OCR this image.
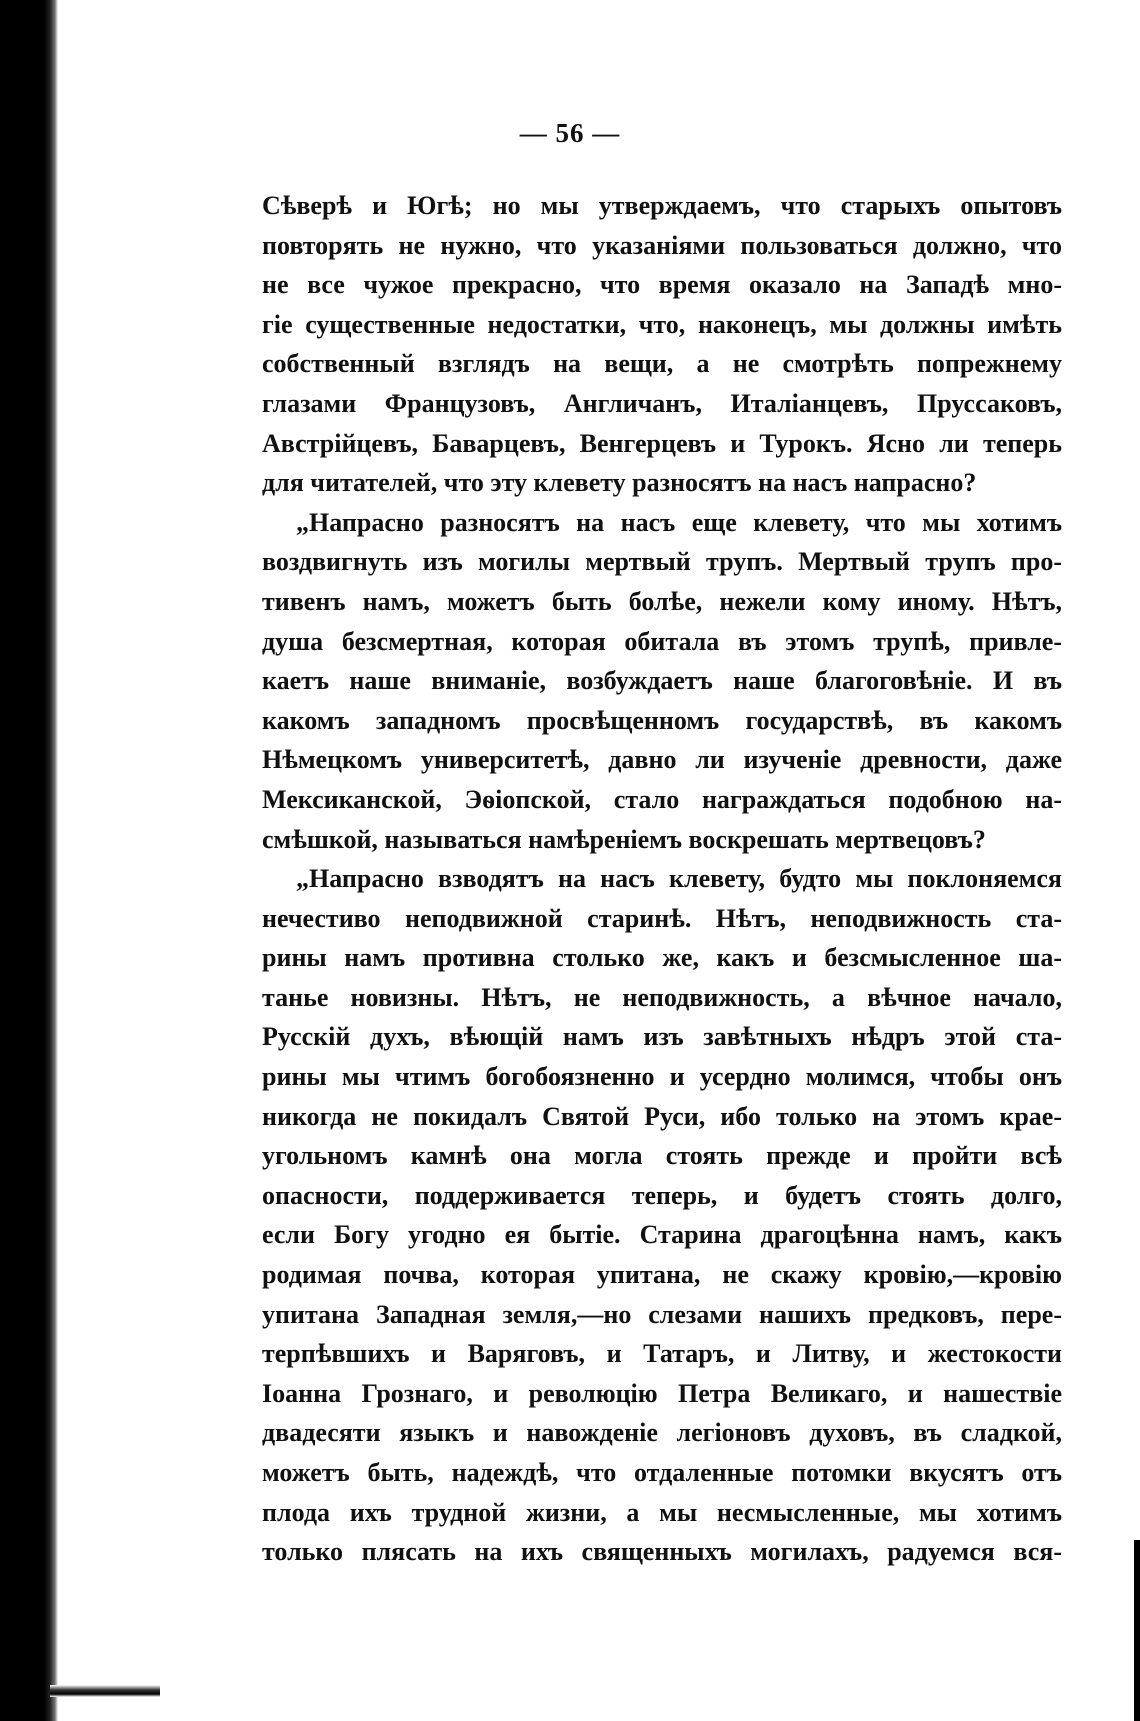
— 56 —
Сѣверѣ и Югѣ; но мы утверждаемъ, что старыхъ опытовъ
повторять не нужно, что указаніями пользоваться должно, что
не все чужое прекрасно, что время оказало на Западѣ мно-
гіе существенные недостатки, что, наконецъ, мы должны имѣть
собственный взглядъ на вещи, а не смотрѣть попрежнему
глазами Французовъ, Англичанъ, Италіанцевъ, Пруссаковъ,
Австрійцевъ, Баварцевъ, Венгерцевъ и Турокъ. Ясно ли теперь
для читателей, что эту клевету разносятъ на насъ напрасно?
„Напрасно разносятъ на насъ еще клевету, что мы хотимъ
воздвигнуть изъ могилы мертвый трупъ. Мертвый трупъ про-
тивенъ намъ, можетъ быть болѣе, нежели кому иному. Нѣтъ,
душа безсмертная, которая обитала въ этомъ трупѣ, привле-
каетъ наше вниманіе, возбуждаетъ наше благоговѣніе. И въ
какомъ западномъ просвѣщенномъ государствѣ, въ какомъ
Нѣмецкомъ университетѣ, давно ли изученіе древности, даже
Мексиканской, Эѳіопской, стало награждаться подобною на-
смѣшкой, называться намѣреніемъ воскрешать мертвецовъ?
„Напрасно взводятъ на насъ клевету, будто мы поклоняемся
нечестиво неподвижной старинѣ. Нѣтъ, неподвижность ста-
рины намъ противна столько же, какъ и безсмысленное ша-
танье новизны. Нѣтъ, не неподвижность, а вѣчное начало,
Русскій духъ, вѣющій намъ изъ завѣтныхъ нѣдръ этой ста-
рины мы чтимъ богобоязненно и усердно молимся, чтобы онъ
никогда не покидалъ Святой Руси, ибо только на этомъ крае-
угольномъ камнѣ она могла стоять прежде и пройти всѣ
опасности, поддерживается теперь, и будетъ стоять долго,
если Богу угодно ея бытіе. Старина драгоцѣнна намъ, какъ
родимая почва, которая упитана, не скажу кровію,—кровію
упитана Западная земля,—но слезами нашихъ предковъ, пере-
терпѣвшихъ и Варяговъ, и Татаръ, и Литву, и жестокости
Іоанна Грознаго, и революцію Петра Великаго, и нашествіе
двадесяти языкъ и навожденіе легіоновъ духовъ, въ сладкой,
можетъ быть, надеждѣ, что отдаленные потомки вкусятъ отъ
плода ихъ трудной жизни, а мы несмысленные, мы хотимъ
только плясать на ихъ священныхъ могилахъ, радуемся вся-
